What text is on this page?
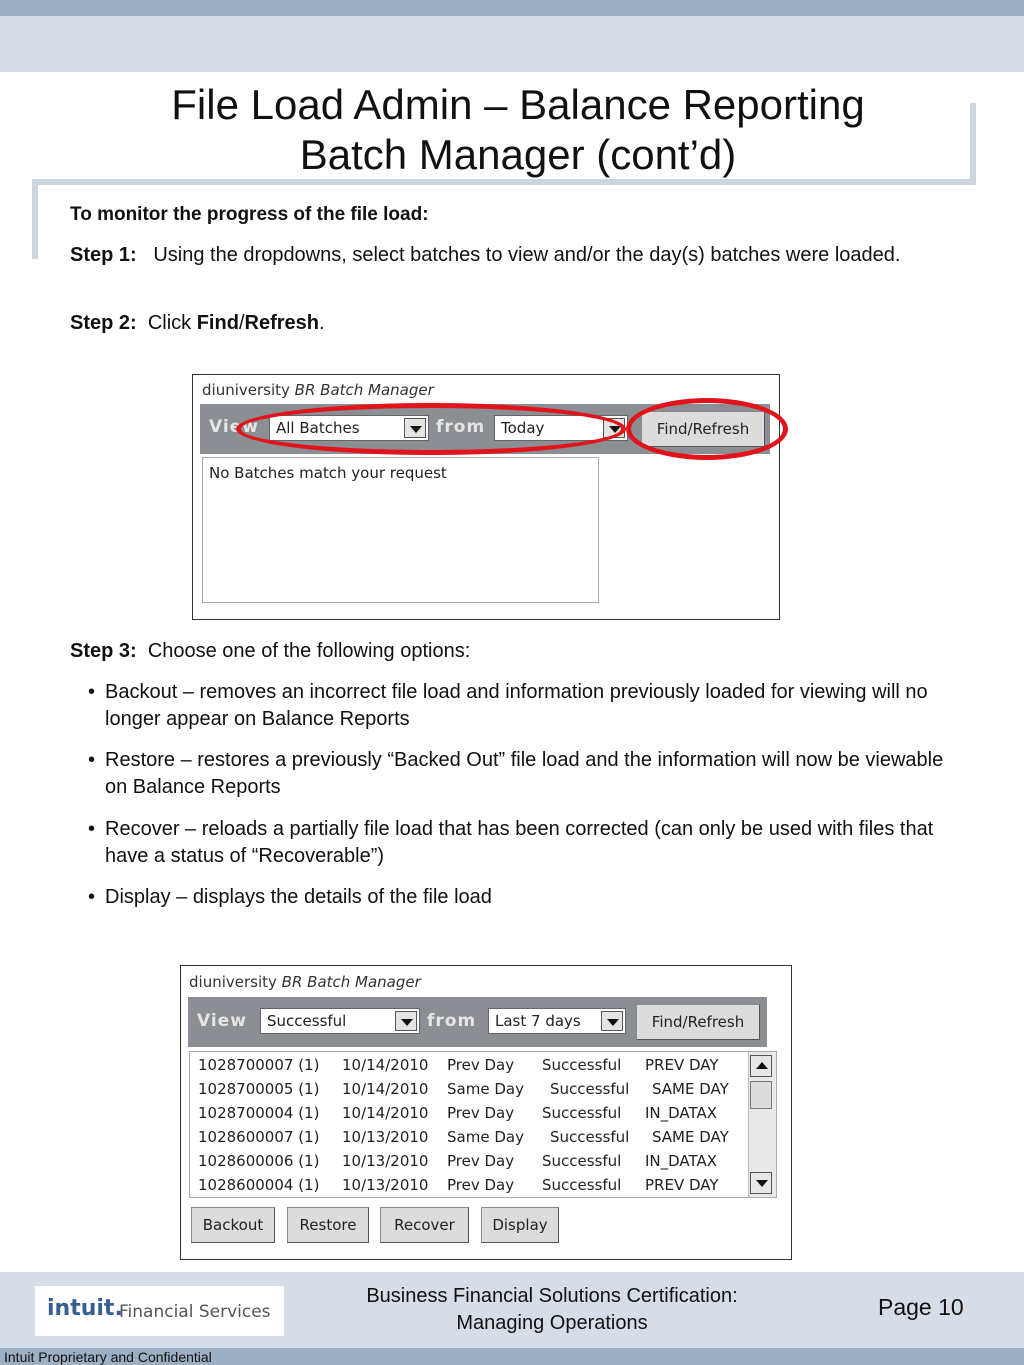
File Load Admin – Balance Reporting
Batch Manager (cont’d)
To monitor the progress of the file load:
Step 1: Using the dropdowns, select batches to view and/or the day(s) batches were loaded.
Step 2: Click Find/Refresh.
diuniversity BR Batch Manager
View	All Batches	from	Today	Find/Refresh
No Batches match your request
Step 3: Choose one of the following options:
• Backout – removes an incorrect file load and information previously loaded for viewing will no longer appear on Balance Reports
• Restore – restores a previously “Backed Out” file load and the information will now be viewable on Balance Reports
• Recover – reloads a partially file load that has been corrected (can only be used with files that have a status of “Recoverable”)
• Display – displays the details of the file load
diuniversity BR Batch Manager
View	Successful	from	Last 7 days	Find/Refresh
1028700007 (1) 10/14/2010 Prev Day Successful PREV DAY
1028700005 (1) 10/14/2010 Same Day Successful SAME DAY
1028700004 (1) 10/14/2010 Prev Day Successful IN_DATAX
1028600007 (1) 10/13/2010 Same Day Successful SAME DAY
1028600006 (1) 10/13/2010 Prev Day Successful IN_DATAX
1028600004 (1) 10/13/2010 Prev Day Successful PREV DAY
Backout	Restore	Recover	Display
intuit.
Financial Services
Business Financial Solutions Certification:
Managing Operations
Page 10
Intuit Proprietary and Confidential
